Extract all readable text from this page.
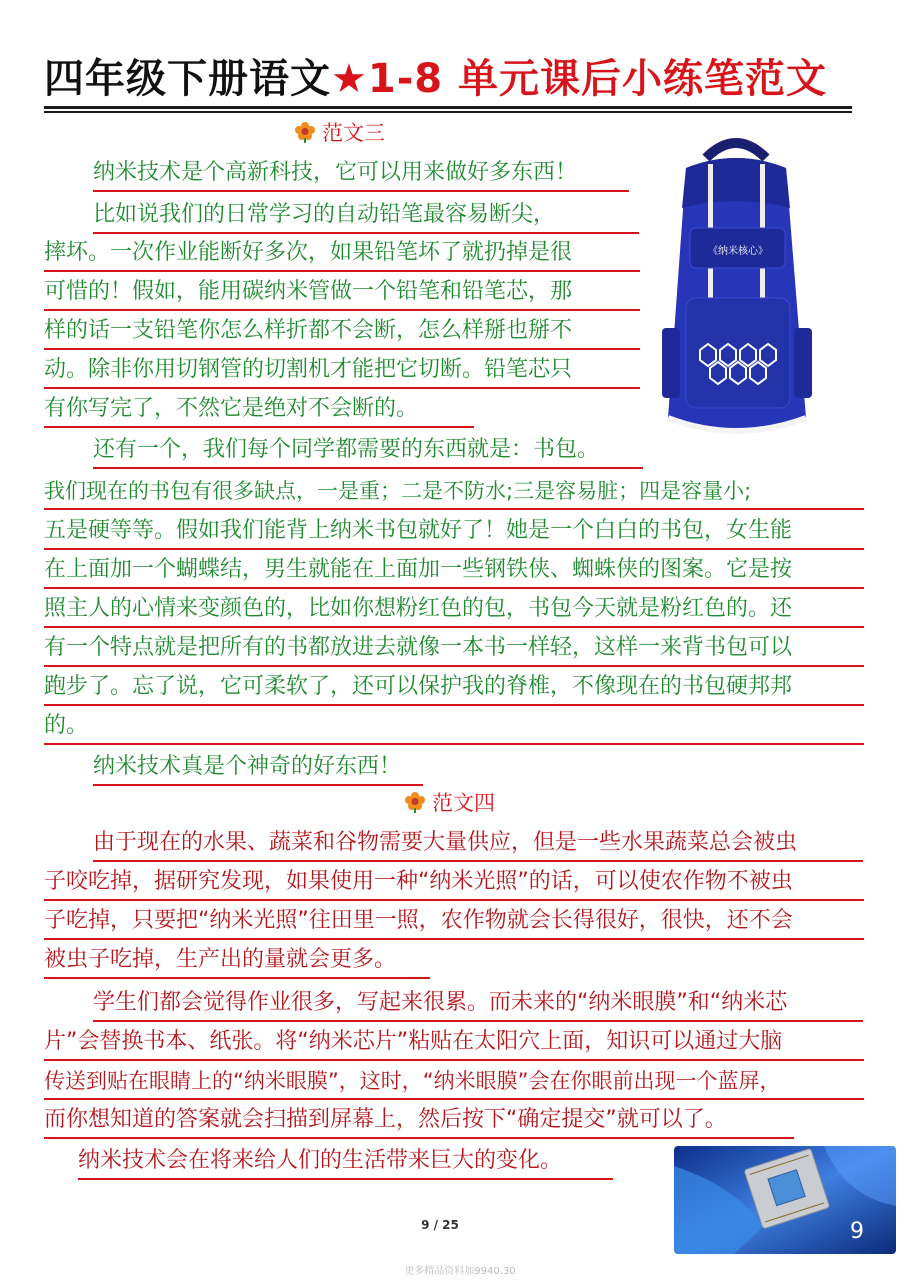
四年级下册语文★1-8 单元课后小练笔范文
范文三
纳米技术是个高新科技，它可以用来做好多东西！
比如说我们的日常学习的自动铅笔最容易断尖，
摔坏。一次作业能断好多次，如果铅笔坏了就扔掉是很
可惜的！假如，能用碳纳米管做一个铅笔和铅笔芯，那
样的话一支铅笔你怎么样折都不会断，怎么样掰也掰不
动。除非你用切钢管的切割机才能把它切断。铅笔芯只
有你写完了，不然它是绝对不会断的。
还有一个，我们每个同学都需要的东西就是：书包。
我们现在的书包有很多缺点，一是重；二是不防水;三是容易脏；四是容量小;
五是硬等等。假如我们能背上纳米书包就好了！她是一个白白的书包，女生能
在上面加一个蝴蝶结，男生就能在上面加一些钢铁侠、蜘蛛侠的图案。它是按
照主人的心情来变颜色的，比如你想粉红色的包，书包今天就是粉红色的。还
有一个特点就是把所有的书都放进去就像一本书一样轻，这样一来背书包可以
跑步了。忘了说，它可柔软了，还可以保护我的脊椎，不像现在的书包硬邦邦
的。
纳米技术真是个神奇的好东西！
范文四
由于现在的水果、蔬菜和谷物需要大量供应，但是一些水果蔬菜总会被虫
子咬吃掉，据研究发现，如果使用一种“纳米光照”的话，可以使农作物不被虫
子吃掉，只要把“纳米光照”往田里一照，农作物就会长得很好，很快，还不会
被虫子吃掉，生产出的量就会更多。
学生们都会觉得作业很多，写起来很累。而未来的“纳米眼膜”和“纳米芯
片”会替换书本、纸张。将“纳米芯片”粘贴在太阳穴上面，知识可以通过大脑
传送到贴在眼睛上的“纳米眼膜”，这时，“纳米眼膜”会在你眼前出现一个蓝屏，
而你想知道的答案就会扫描到屏幕上，然后按下“确定提交”就可以了。
纳米技术会在将来给人们的生活带来巨大的变化。
《纳米核心》
9
9 / 25
更多精品资料加9940.30
